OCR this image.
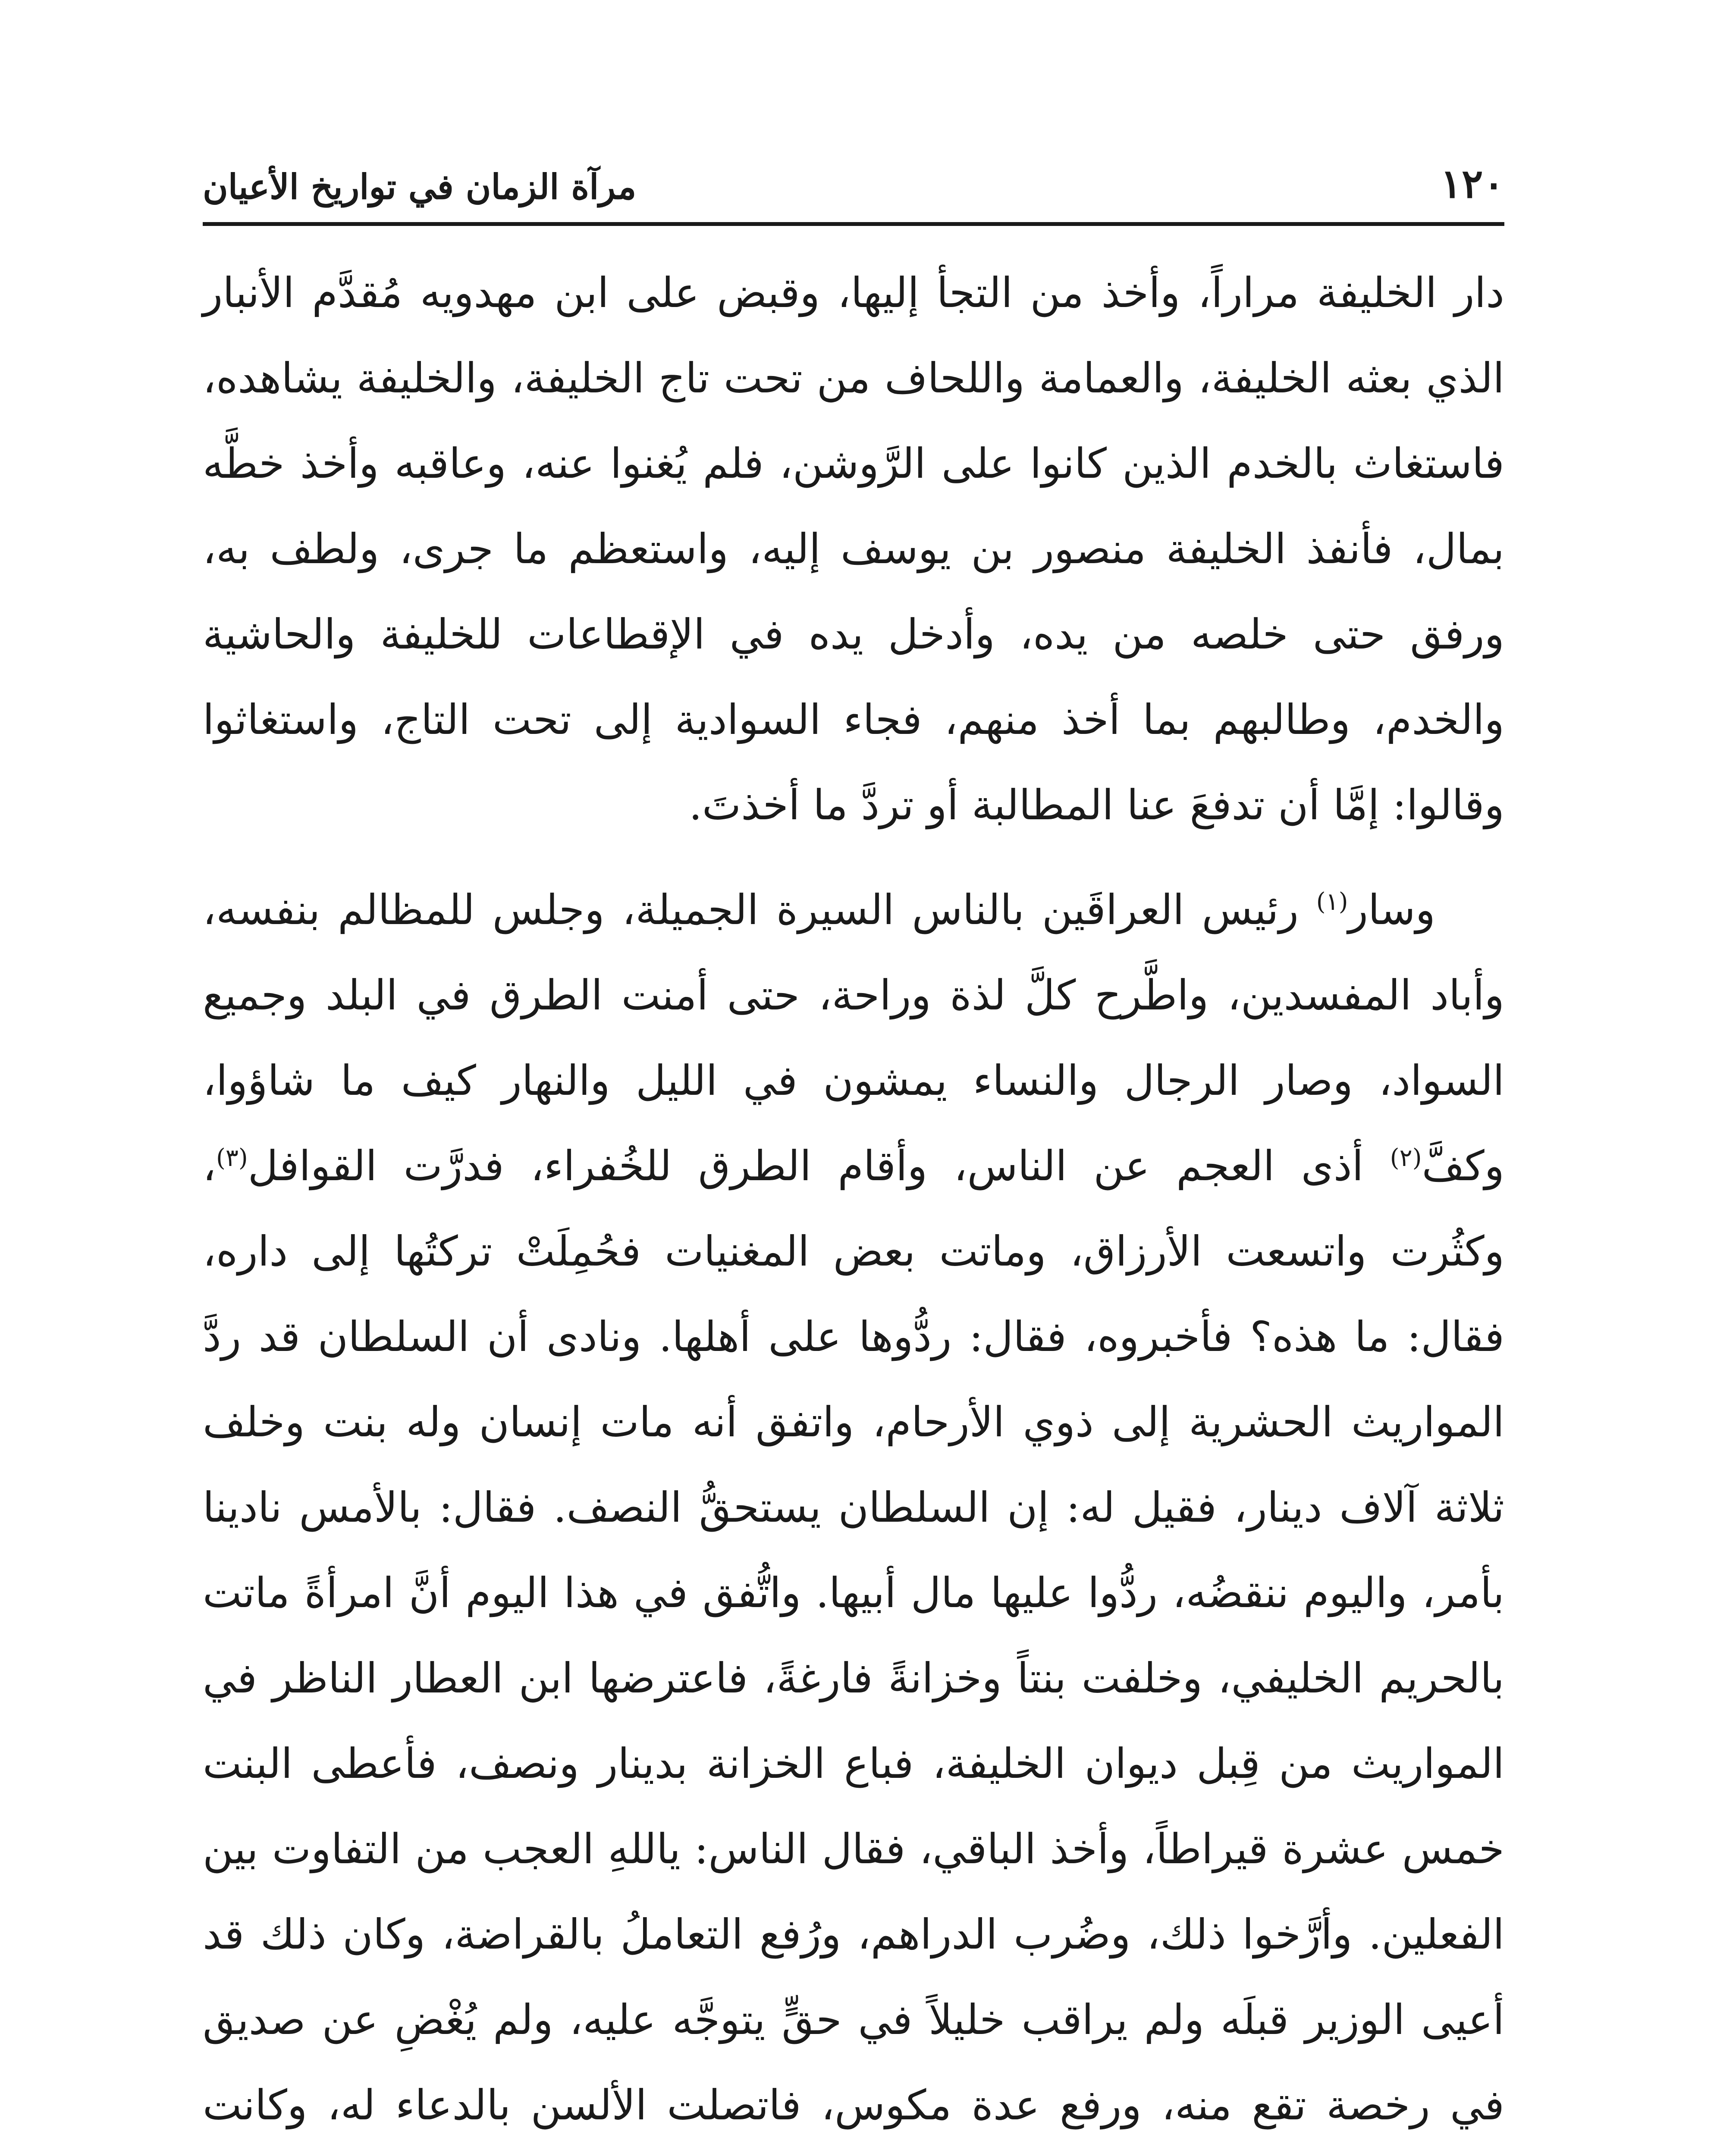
١٢٠
مرآة الزمان في تواريخ الأعيان

دار الخليفة مراراً، وأخذ من التجأ إليها، وقبض على ابن مهدويه مُقدَّم الأنبار الذي بعثه الخليفة، والعمامة واللحاف من تحت تاج الخليفة، والخليفة يشاهده، فاستغاث بالخدم الذين كانوا على الرَّوشن، فلم يُغنوا عنه، وعاقبه وأخذ خطَّه بمال، فأنفذ الخليفة منصور بن يوسف إليه، واستعظم ما جرى، ولطف به، ورفق حتى خلصه من يده، وأدخل يده في الإقطاعات للخليفة والحاشية والخدم، وطالبهم بما أخذ منهم، فجاء السوادية إلى تحت التاج، واستغاثوا وقالوا: إمَّا أن تدفعَ عنا المطالبة أو تردَّ ما أخذتَ.

وسار$^{(١)}$ رئيس العراقَين بالناس السيرة الجميلة، وجلس للمظالم بنفسه، وأباد المفسدين، واطَّرح كلَّ لذة وراحة، حتى أمنت الطرق في البلد وجميع السواد، وصار الرجال والنساء يمشون في الليل والنهار كيف ما شاؤوا، وكفَّ$^{(٢)}$ أذى العجم عن الناس، وأقام الطرق للخُفراء، فدرَّت القوافل$^{(٣)}$، وكثُرت واتسعت الأرزاق، وماتت بعض المغنيات فحُمِلَتْ تركتُها إلى داره، فقال: ما هذه؟ فأخبروه، فقال: ردُّوها على أهلها. ونادى أن السلطان قد ردَّ المواريث الحشرية إلى ذوي الأرحام، واتفق أنه مات إنسان وله بنت وخلف ثلاثة آلاف دينار، فقيل له: إن السلطان يستحقُّ النصف. فقال: بالأمس نادينا بأمر، واليوم ننقضُه، ردُّوا عليها مال أبيها. واتُّفق في هذا اليوم أنَّ امرأةً ماتت بالحريم الخليفي، وخلفت بنتاً وخزانةً فارغةً، فاعترضها ابن العطار الناظر في المواريث من قِبل ديوان الخليفة، فباع الخزانة بدينار ونصف، فأعطى البنت خمس عشرة قيراطاً، وأخذ الباقي، فقال الناس: ياللهِ العجب من التفاوت بين الفعلين. وأرَّخوا ذلك، وضُرب الدراهم، ورُفع التعاملُ بالقراضة، وكان ذلك قد أعيى الوزير قبلَه ولم يراقب خليلاً في حقٍّ يتوجَّه عليه، ولم يُغْضِ عن صديق في رخصة تقع منه، ورفع عدة مكوس، فاتصلت الألسن بالدعاء له، وكانت
